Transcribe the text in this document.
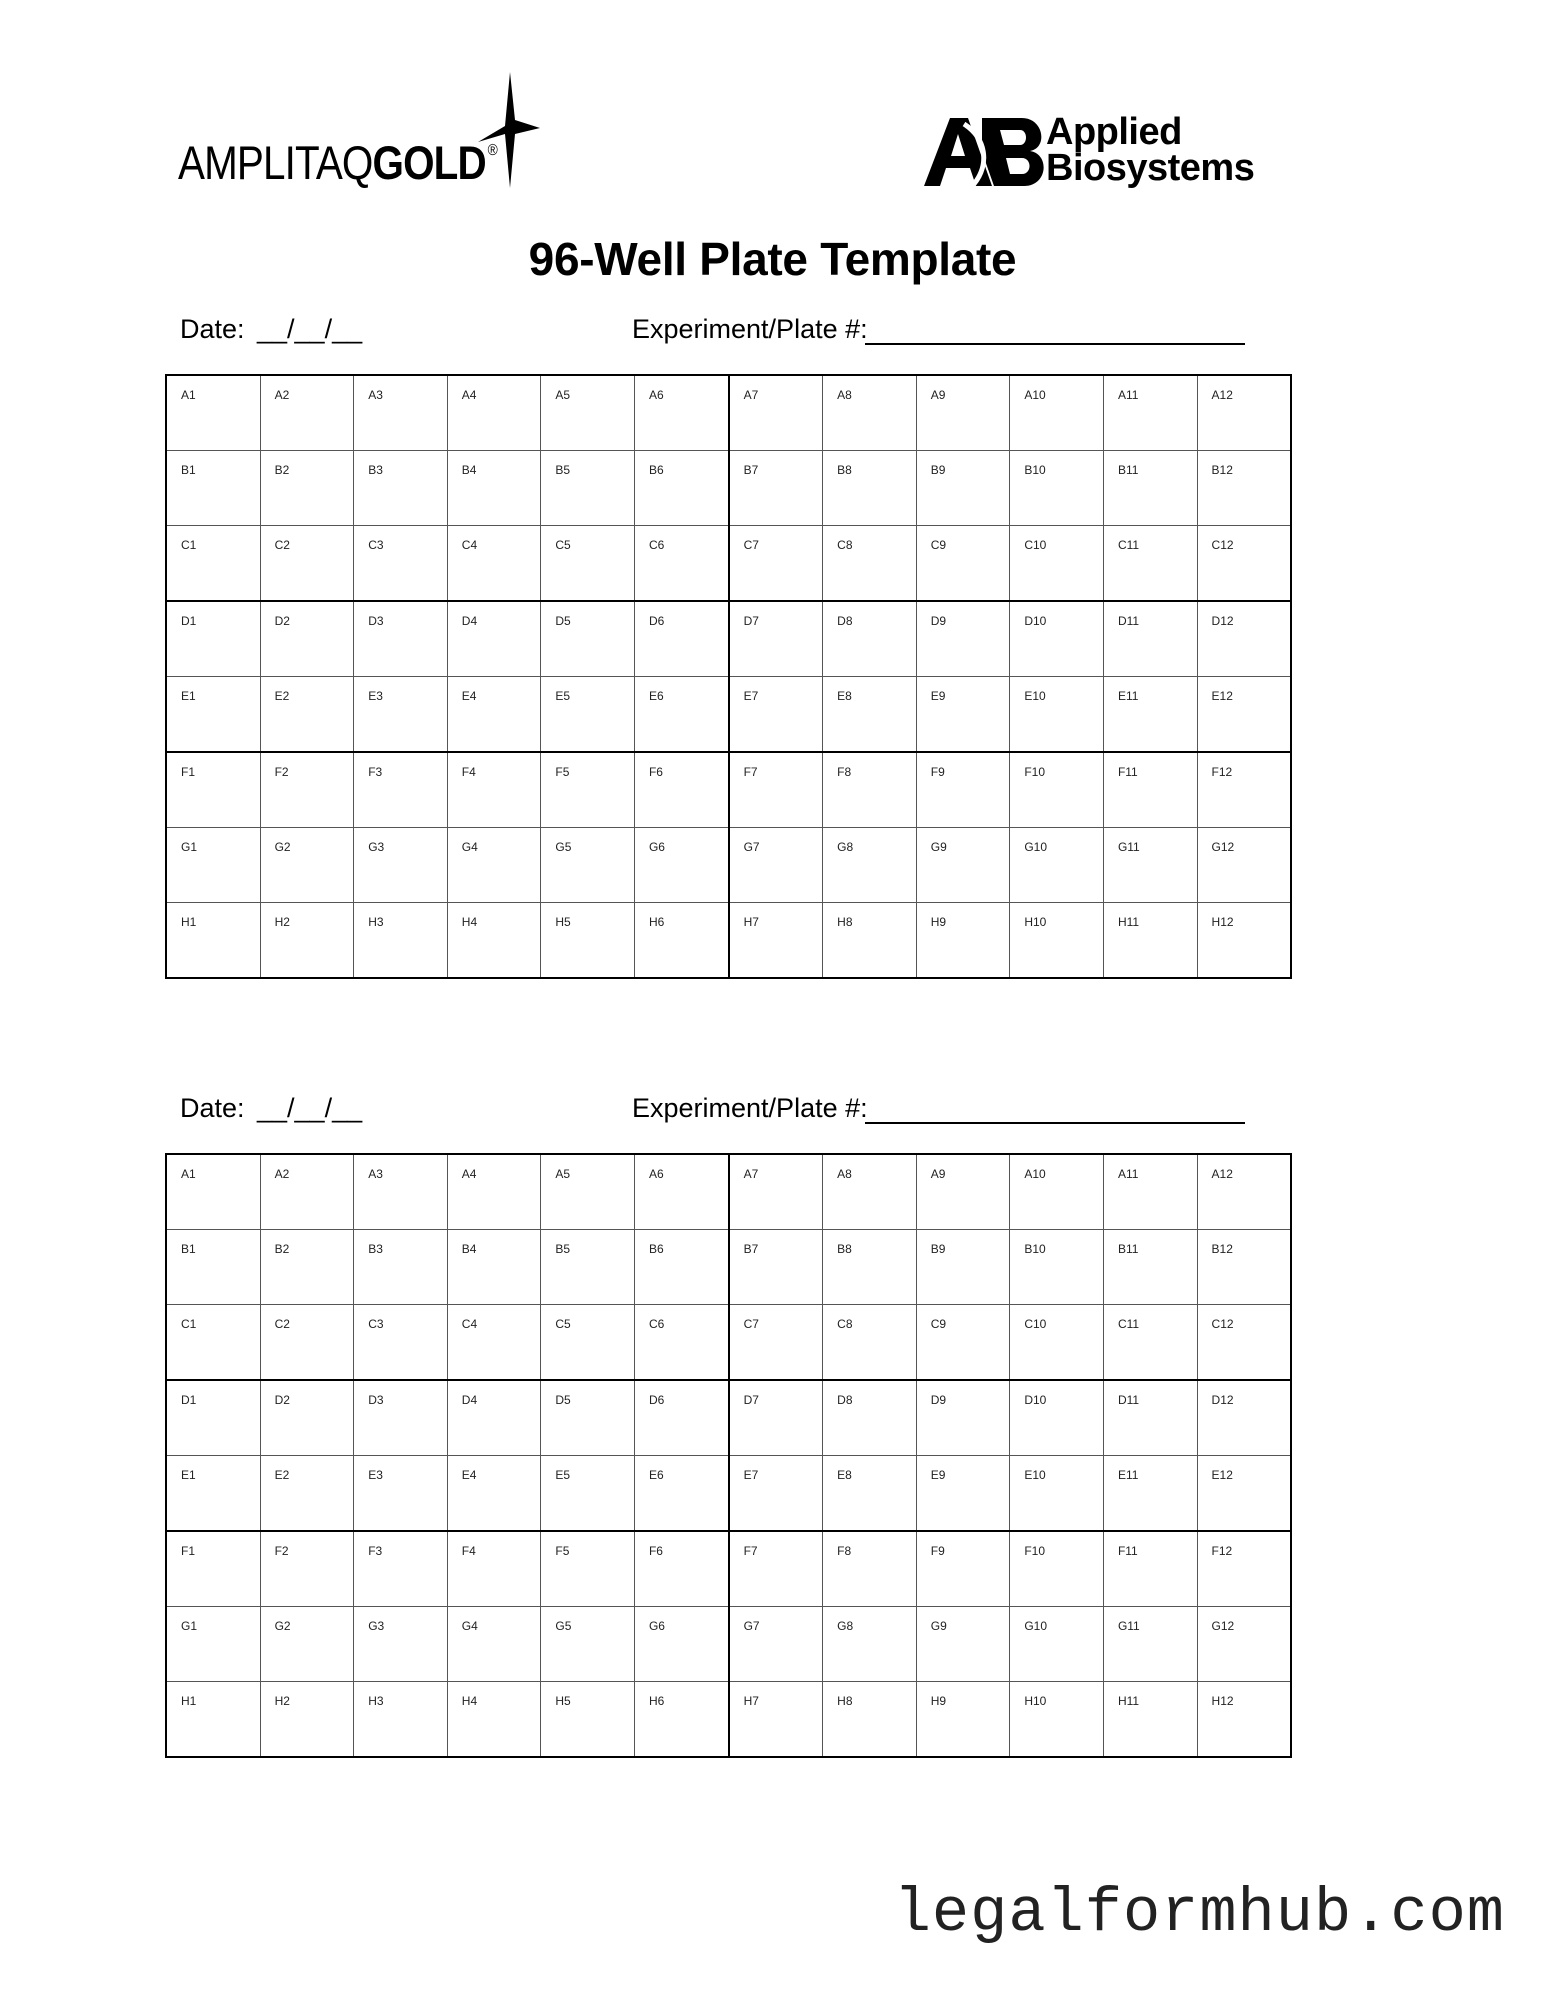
AMPLITAQGOLD ®	Applied
Biosystems
96-Well Plate Template
Date: __/__/__	Experiment/Plate #:
A1	A2	A3	A4	A5	A6	A7	A8	A9	A10	A11	A12

B1	B2	B3	B4	B5	B6	B7	B8	B9	B10	B11	B12

C1	C2	C3	C4	C5	C6	C7	C8	C9	C10	C11	C12

D1	D2	D3	D4	D5	D6	D7	D8	D9	D10	D11	D12

E1	E2	E3	E4	E5	E6	E7	E8	E9	E10	E11	E12

F1	F2	F3	F4	F5	F6	F7	F8	F9	F10	F11	F12

G1	G2	G3	G4	G5	G6	G7	G8	G9	G10	G11	G12

H1	H2	H3	H4	H5	H6	H7	H8	H9	H10	H11	H12
Date: __/__/__	Experiment/Plate #:
A1	A2	A3	A4	A5	A6	A7	A8	A9	A10	A11	A12

B1	B2	B3	B4	B5	B6	B7	B8	B9	B10	B11	B12

C1	C2	C3	C4	C5	C6	C7	C8	C9	C10	C11	C12

D1	D2	D3	D4	D5	D6	D7	D8	D9	D10	D11	D12

E1	E2	E3	E4	E5	E6	E7	E8	E9	E10	E11	E12

F1	F2	F3	F4	F5	F6	F7	F8	F9	F10	F11	F12

G1	G2	G3	G4	G5	G6	G7	G8	G9	G10	G11	G12

H1	H2	H3	H4	H5	H6	H7	H8	H9	H10	H11	H12
legalformhub.com
